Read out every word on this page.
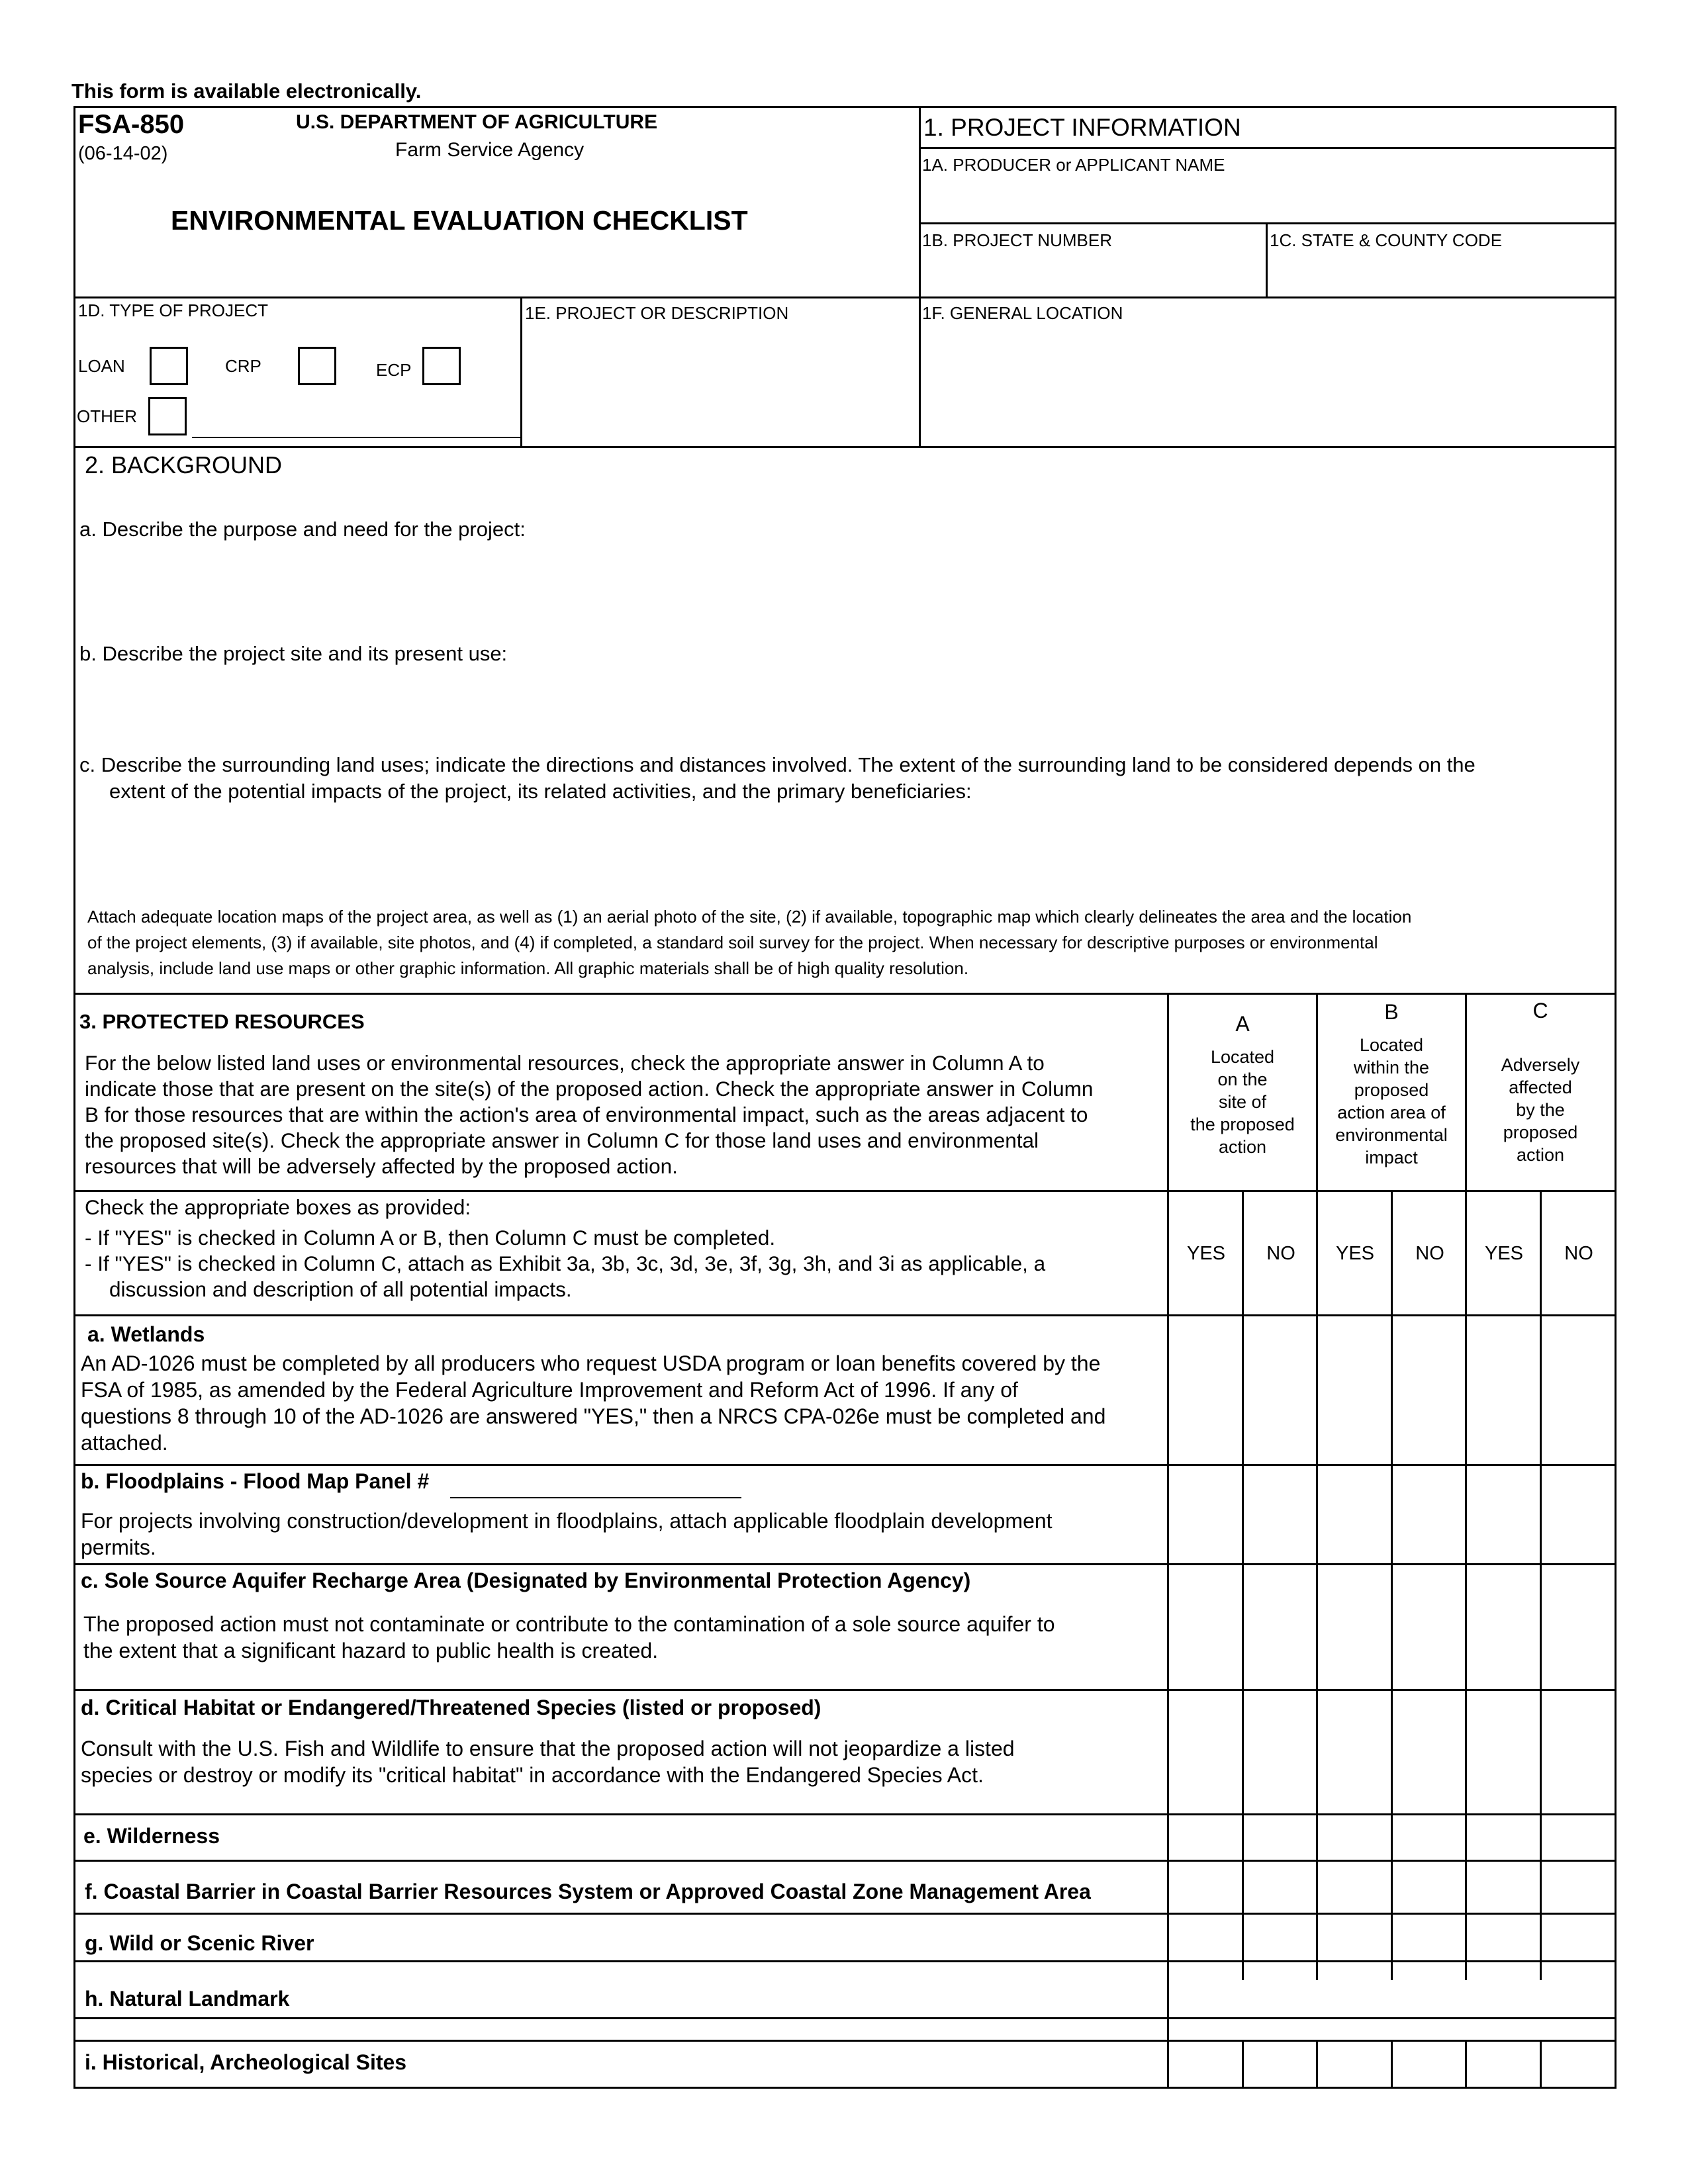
This form is available electronically.
FSA-850
(06-14-02)
U.S. DEPARTMENT OF AGRICULTURE
Farm Service Agency
ENVIRONMENTAL EVALUATION CHECKLIST
1. PROJECT INFORMATION
1A. PRODUCER or APPLICANT NAME
1B. PROJECT NUMBER	1C. STATE & COUNTY CODE
1D. TYPE OF PROJECT
LOAN	CRP	ECP
OTHER
1E. PROJECT OR DESCRIPTION	1F. GENERAL LOCATION
2. BACKGROUND
a. Describe the purpose and need for the project:
b. Describe the project site and its present use:
c. Describe the surrounding land uses; indicate the directions and distances involved. The extent of the surrounding land to be considered depends on the
extent of the potential impacts of the project, its related activities, and the primary beneficiaries:
Attach adequate location maps of the project area, as well as (1) an aerial photo of the site, (2) if available, topographic map which clearly delineates the area and the location
of the project elements, (3) if available, site photos, and (4) if completed, a standard soil survey for the project. When necessary for descriptive purposes or environmental
analysis, include land use maps or other graphic information. All graphic materials shall be of high quality resolution.
3. PROTECTED RESOURCES
For the below listed land uses or environmental resources, check the appropriate answer in Column A to
indicate those that are present on the site(s) of the proposed action. Check the appropriate answer in Column
B for those resources that are within the action's area of environmental impact, such as the areas adjacent to
the proposed site(s). Check the appropriate answer in Column C for those land uses and environmental
resources that will be adversely affected by the proposed action.
A
Located
on the
site of
the proposed
action
B
Located
within the
proposed
action area of
environmental
impact
C
Adversely
affected
by the
proposed
action
Check the appropriate boxes as provided:
- If "YES" is checked in Column A or B, then Column C must be completed.
- If "YES" is checked in Column C, attach as Exhibit 3a, 3b, 3c, 3d, 3e, 3f, 3g, 3h, and 3i as applicable, a
discussion and description of all potential impacts.
YES	NO	YES	NO	YES	NO
a. Wetlands
An AD-1026 must be completed by all producers who request USDA program or loan benefits covered by the
FSA of 1985, as amended by the Federal Agriculture Improvement and Reform Act of 1996. If any of
questions 8 through 10 of the AD-1026 are answered "YES," then a NRCS CPA-026e must be completed and
attached.
b. Floodplains - Flood Map Panel #
For projects involving construction/development in floodplains, attach applicable floodplain development
permits.
c. Sole Source Aquifer Recharge Area (Designated by Environmental Protection Agency)
The proposed action must not contaminate or contribute to the contamination of a sole source aquifer to
the extent that a significant hazard to public health is created.
d. Critical Habitat or Endangered/Threatened Species (listed or proposed)
Consult with the U.S. Fish and Wildlife to ensure that the proposed action will not jeopardize a listed
species or destroy or modify its "critical habitat" in accordance with the Endangered Species Act.
e. Wilderness
f. Coastal Barrier in Coastal Barrier Resources System or Approved Coastal Zone Management Area
g. Wild or Scenic River
h. Natural Landmark
i. Historical, Archeological Sites
